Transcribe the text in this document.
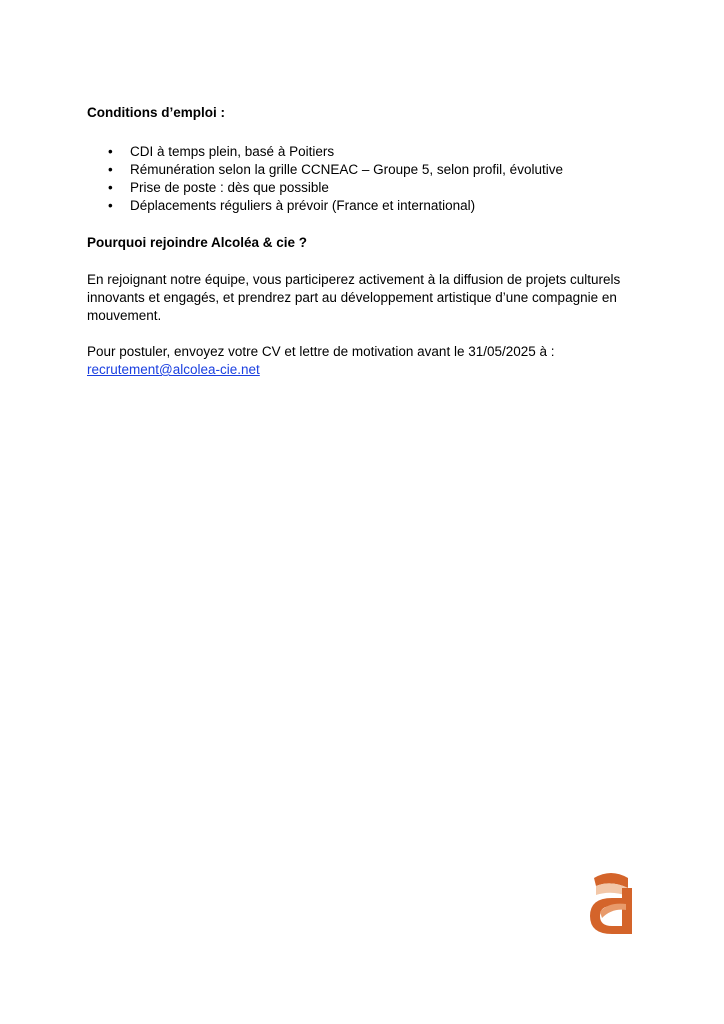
Conditions d’emploi :

• CDI à temps plein, basé à Poitiers
• Rémunération selon la grille CCNEAC – Groupe 5, selon profil, évolutive
• Prise de poste : dès que possible
• Déplacements réguliers à prévoir (France et international)

Pourquoi rejoindre Alcoléa & cie ?

En rejoignant notre équipe, vous participerez activement à la diffusion de projets culturels
innovants et engagés, et prendrez part au développement artistique d’une compagnie en
mouvement.

Pour postuler, envoyez votre CV et lettre de motivation avant le 31/05/2025 à :
recrutement@alcolea-cie.net
